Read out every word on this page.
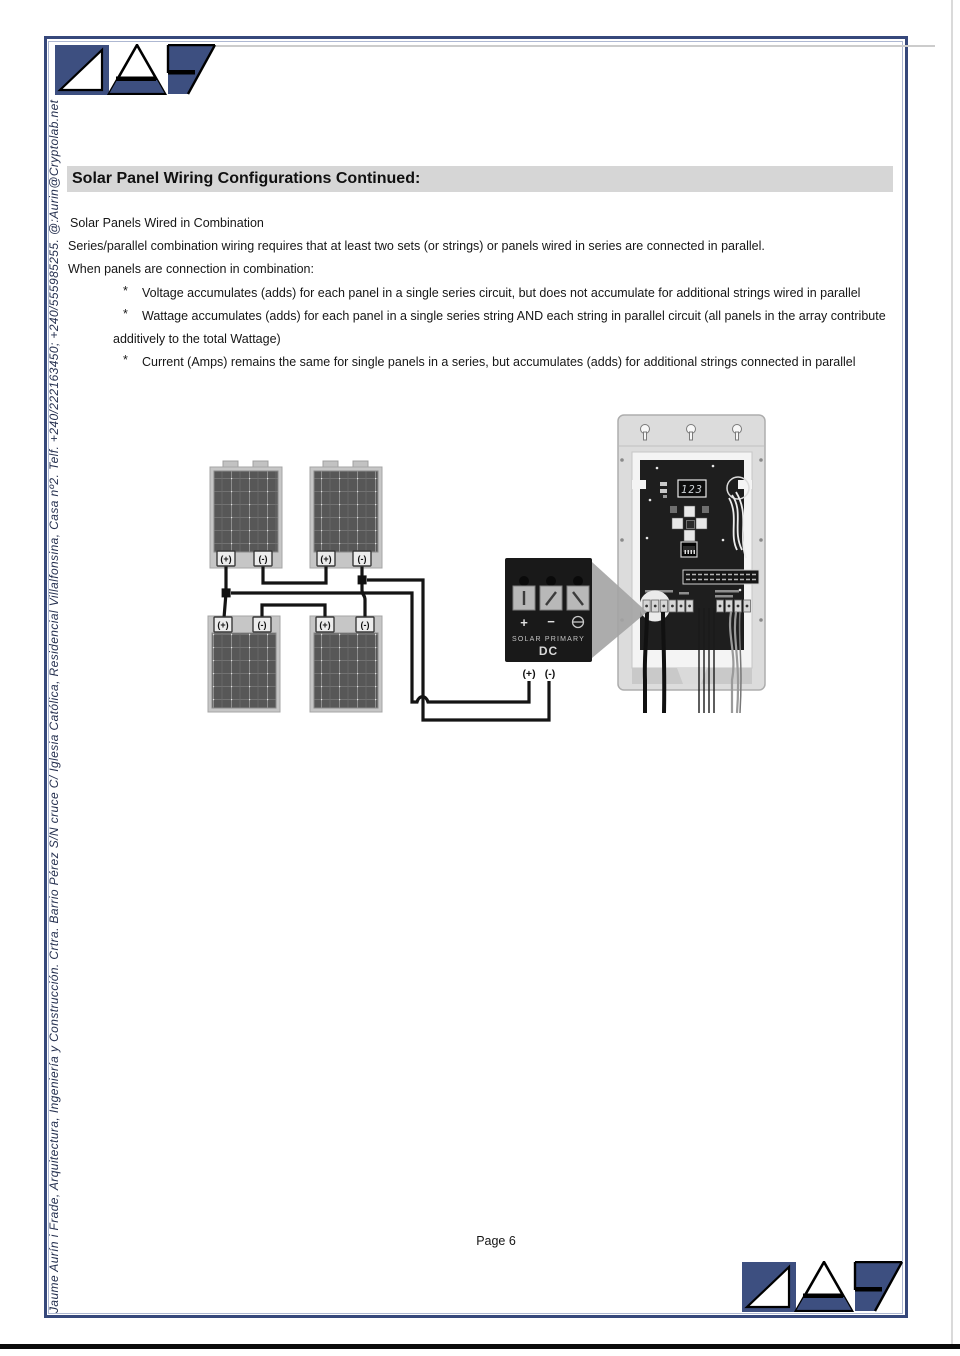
Jaume Aurín i Frade, Arquitectura, Ingeniería y Construcción. Crtra. Barrio Pérez S/N cruce C/ Iglesia Católica, Residencial Villalfonsina, Casa nº2. Telf. +240/222163450; +240/555985255. @:Aurin@Cryptolab.net Solar Panel Wiring Configurations Continued:
Solar Panels Wired in Combination
Series/parallel combination wiring requires that at least two sets (or strings) or panels wired in series are connected in parallel.
When panels are connection in combination:
*	Voltage accumulates (adds) for each panel in a single series circuit, but does not accumulate for additional strings wired in parallel
*	Wattage accumulates (adds) for each panel in a single series string AND each string in parallel circuit (all panels in the array contribute additively to the total Wattage)
*	Current (Amps) remains the same for single panels in a series, but accumulates (adds) for additional strings connected in parallel
(+)	(-)	(+)	(-)
(+)	(-)	(+)	(-)
123
+ −
SOLAR PRIMARY
DC
(+) (-)
Page 6
